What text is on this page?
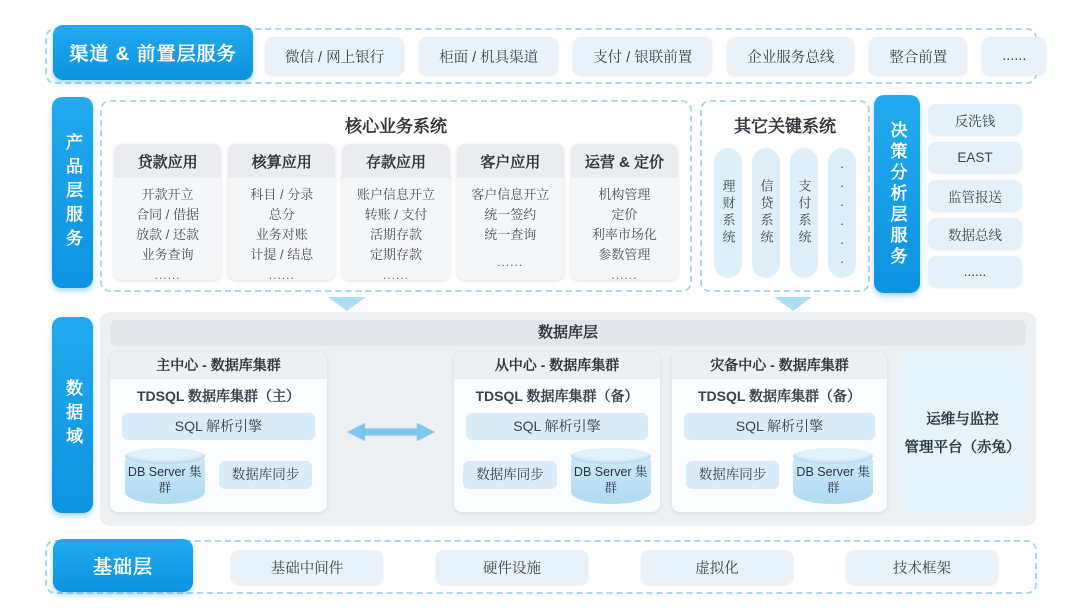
渠道 & 前置层服务	微信 / 网上银行	柜面 / 机具渠道	支付 / 银联前置	企业服务总线	整合前置	......
产品层服务
核心业务系统
贷款应用
开款开立
合同 / 借据
放款 / 还款
业务查询
......
核算应用
科目 / 分录
总分
业务对账
计提 / 结息
......
存款应用
账户信息开立
转账 / 支付
活期存款
定期存款
......
客户应用
客户信息开立
统一签约
统一查询
......
运营 & 定价
机构管理
定价
利率市场化
参数管理
......
其它关键系统
理财系统 信贷系统 支付系统 ...... 决策分析层服务	反洗钱
EAST
监管报送
数据总线
......
数据域
数据库层
主中心 - 数据库集群
TDSQL 数据库集群（主）
SQL 解析引擎
DB Server 集群
数据库同步
从中心 - 数据库集群
TDSQL 数据库集群（备）
SQL 解析引擎
数据库同步	DB Server 集群
灾备中心 - 数据库集群
TDSQL 数据库集群（备）
SQL 解析引擎
数据库同步	DB Server 集群
运维与监控
管理平台（赤兔）
基础层	基础中间件	硬件设施	虚拟化	技术框架
